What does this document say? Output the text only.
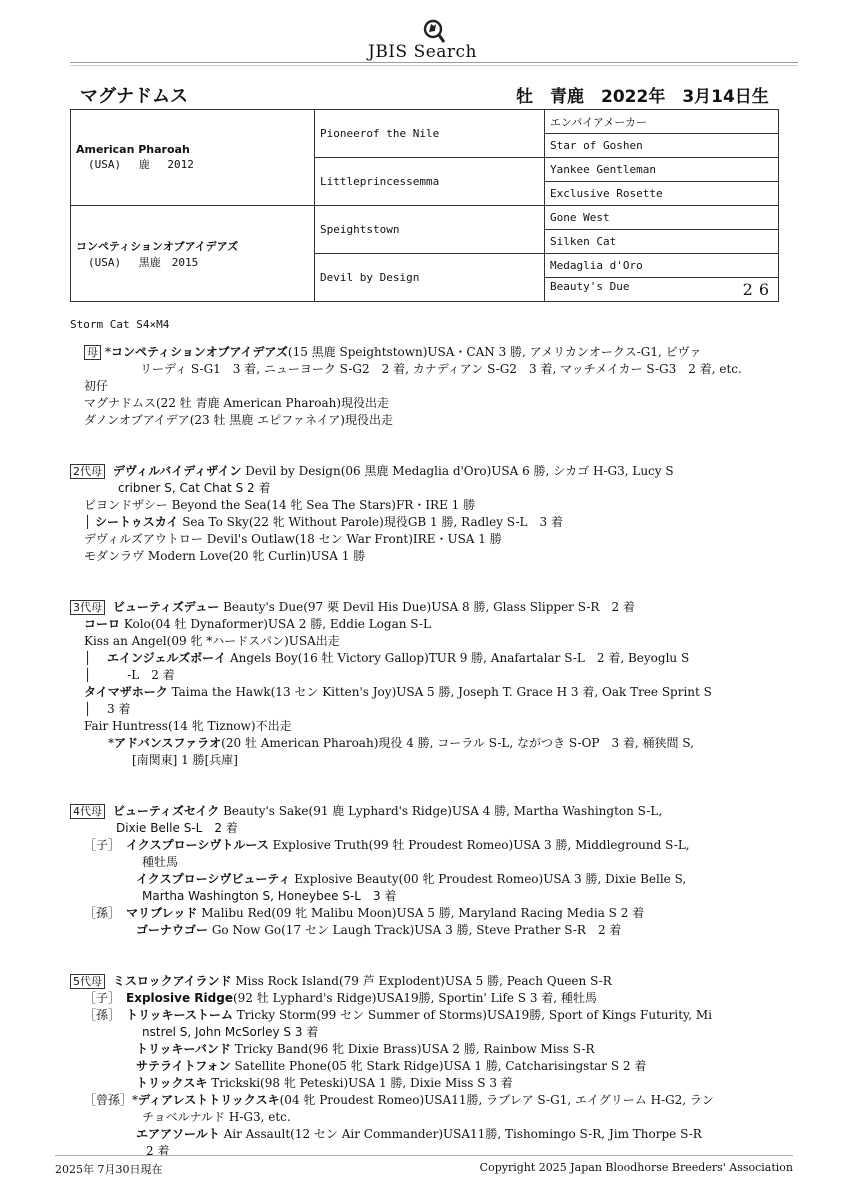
JBIS Search
マグナドムス	牡　青鹿　2022年　3月14日生
American Pharoah
(USA)　 鹿　 2012	Pioneerof the Nile	エンパイアメーカー
		Star of Goshen
	Littleprincessemma	Yankee Gentleman
		Exclusive Rosette

コンペティションオブアイデアズ
(USA)　 黒鹿　2015	Speightstown	Gone West
		Silken Cat
	Devil by Design	Medaglia d'Oro
		Beauty's Due 26
Storm Cat S4×M4
母 *コンペティションオブアイデアズ(15 黒鹿 Speightstown)USA・CAN 3 勝, アメリカンオークス-G1, ビヴァ
リーディ S-G1　3 着, ニューヨーク S-G2　2 着, カナディアン S-G2　3 着, マッチメイカー S-G3　2 着, etc.
初仔
マグナドムス(22 牡 青鹿 American Pharoah)現役出走
ダノンオブアイデア(23 牡 黒鹿 エピファネイア)現役出走
2代母 デヴィルバイディザイン Devil by Design(06 黒鹿 Medaglia d'Oro)USA 6 勝, シカゴ H-G3, Lucy S
cribner S, Cat Chat S 2 着
ビヨンドザシー Beyond the Sea(14 牝 Sea The Stars)FR・IRE 1 勝
│ シートゥスカイ Sea To Sky(22 牝 Without Parole)現役GB 1 勝, Radley S-L　3 着
デヴィルズアウトロー Devil's Outlaw(18 セン War Front)IRE・USA 1 勝
モダンラヴ Modern Love(20 牝 Curlin)USA 1 勝
3代母 ビューティズデュー Beauty's Due(97 栗 Devil His Due)USA 8 勝, Glass Slipper S-R　2 着
コーロ Kolo(04 牡 Dynaformer)USA 2 勝, Eddie Logan S-L
Kiss an Angel(09 牝 *ハードスパン)USA出走
│　 エインジェルズボーイ Angels Boy(16 牡 Victory Gallop)TUR 9 勝, Anafartalar S-L　2 着, Beyoglu S
│　　　-L　2 着
タイマザホーク Taima the Hawk(13 セン Kitten's Joy)USA 5 勝, Joseph T. Grace H 3 着, Oak Tree Sprint S
│　 3 着
Fair Huntress(14 牝 Tiznow)不出走
*アドバンスファラオ(20 牡 American Pharoah)現役 4 勝, コーラル S-L, ながつき S-OP　3 着, 桶狭間 S,
[南関東] 1 勝[兵庫]
4代母 ビューティズセイク Beauty's Sake(91 鹿 Lyphard's Ridge)USA 4 勝, Martha Washington S-L,
Dixie Belle S-L　2 着
［子］　 イクスプローシヴトルース Explosive Truth(99 牡 Proudest Romeo)USA 3 勝, Middleground S-L,
種牡馬
イクスプローシヴビューティ Explosive Beauty(00 牝 Proudest Romeo)USA 3 勝, Dixie Belle S,
Martha Washington S, Honeybee S-L　3 着
［孫］　 マリブレッド Malibu Red(09 牝 Malibu Moon)USA 5 勝, Maryland Racing Media S 2 着
ゴーナウゴー Go Now Go(17 セン Laugh Track)USA 3 勝, Steve Prather S-R　2 着
5代母 ミスロックアイランド Miss Rock Island(79 芦 Explodent)USA 5 勝, Peach Queen S-R
［子］　 Explosive Ridge(92 牡 Lyphard's Ridge)USA19勝, Sportin' Life S 3 着, 種牡馬
［孫］　 トリッキーストーム Tricky Storm(99 セン Summer of Storms)USA19勝, Sport of Kings Futurity, Mi
nstrel S, John McSorley S 3 着
トリッキーバンド Tricky Band(96 牝 Dixie Brass)USA 2 勝, Rainbow Miss S-R
サテライトフォン Satellite Phone(05 牝 Stark Ridge)USA 1 勝, Catcharisingstar S 2 着
トリックスキ Trickski(98 牝 Peteski)USA 1 勝, Dixie Miss S 3 着
［曾孫］*ディアレストトリックスキ(04 牝 Proudest Romeo)USA11勝, ラブレア S-G1, エイグリーム H-G2, ラン
チョベルナルド H-G3, etc.
エアアソールト Air Assault(12 セン Air Commander)USA11勝, Tishomingo S-R, Jim Thorpe S-R
2 着
2025年 7月30日現在	Copyright 2025 Japan Bloodhorse Breeders' Association
